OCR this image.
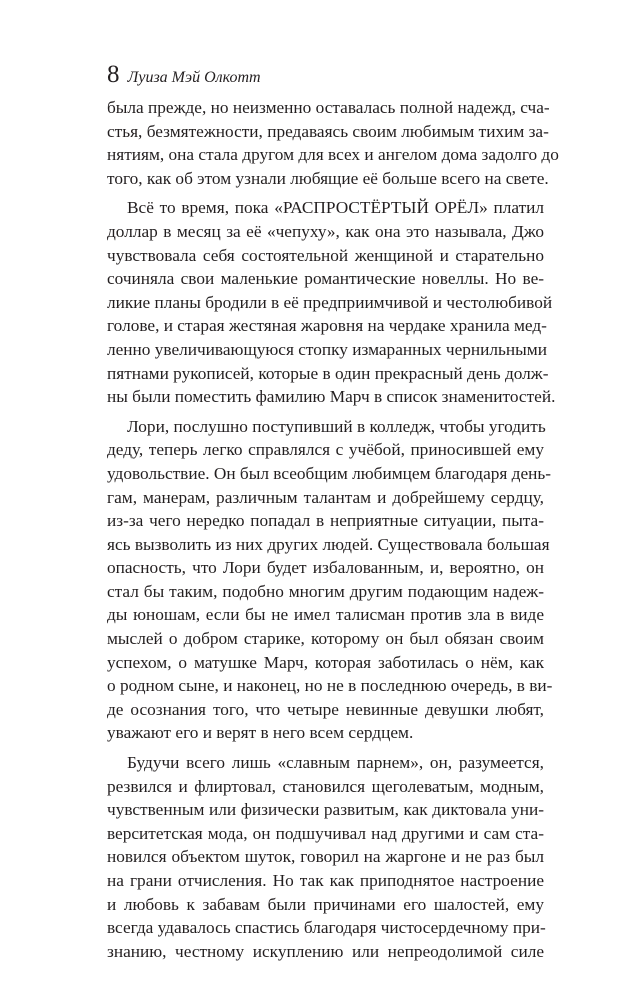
8 Луиза Мэй Олкотт

была прежде, но неизменно оставалась полной надежд, сча-
стья, безмятежности, предаваясь своим любимым тихим за-
нятиям, она стала другом для всех и ангелом дома задолго до
того, как об этом узнали любящие её больше всего на свете.

Всё то время, пока «РАСПРОСТЁРТЫЙ ОРЁЛ» платил
доллар в месяц за её «чепуху», как она это называла, Джо
чувствовала себя состоятельной женщиной и старательно
сочиняла свои маленькие романтические новеллы. Но ве-
ликие планы бродили в её предприимчивой и честолюбивой
голове, и старая жестяная жаровня на чердаке хранила мед-
ленно увеличивающуюся стопку измаранных чернильными
пятнами рукописей, которые в один прекрасный день долж-
ны были поместить фамилию Марч в список знаменитостей.

Лори, послушно поступивший в колледж, чтобы угодить
деду, теперь легко справлялся с учёбой, приносившей ему
удовольствие. Он был всеобщим любимцем благодаря день-
гам, манерам, различным талантам и добрейшему сердцу,
из-за чего нередко попадал в неприятные ситуации, пыта-
ясь вызволить из них других людей. Существовала большая
опасность, что Лори будет избалованным, и, вероятно, он
стал бы таким, подобно многим другим подающим надеж-
ды юношам, если бы не имел талисман против зла в виде
мыслей о добром старике, которому он был обязан своим
успехом, о матушке Марч, которая заботилась о нём, как
о родном сыне, и наконец, но не в последнюю очередь, в ви-
де осознания того, что четыре невинные девушки любят,
уважают его и верят в него всем сердцем.

Будучи всего лишь «славным парнем», он, разумеется,
резвился и флиртовал, становился щеголеватым, модным,
чувственным или физически развитым, как диктовала уни-
верситетская мода, он подшучивал над другими и сам ста-
новился объектом шуток, говорил на жаргоне и не раз был
на грани отчисления. Но так как приподнятое настроение
и любовь к забавам были причинами его шалостей, ему
всегда удавалось спастись благодаря чистосердечному при-
знанию, честному искуплению или непреодолимой силе
